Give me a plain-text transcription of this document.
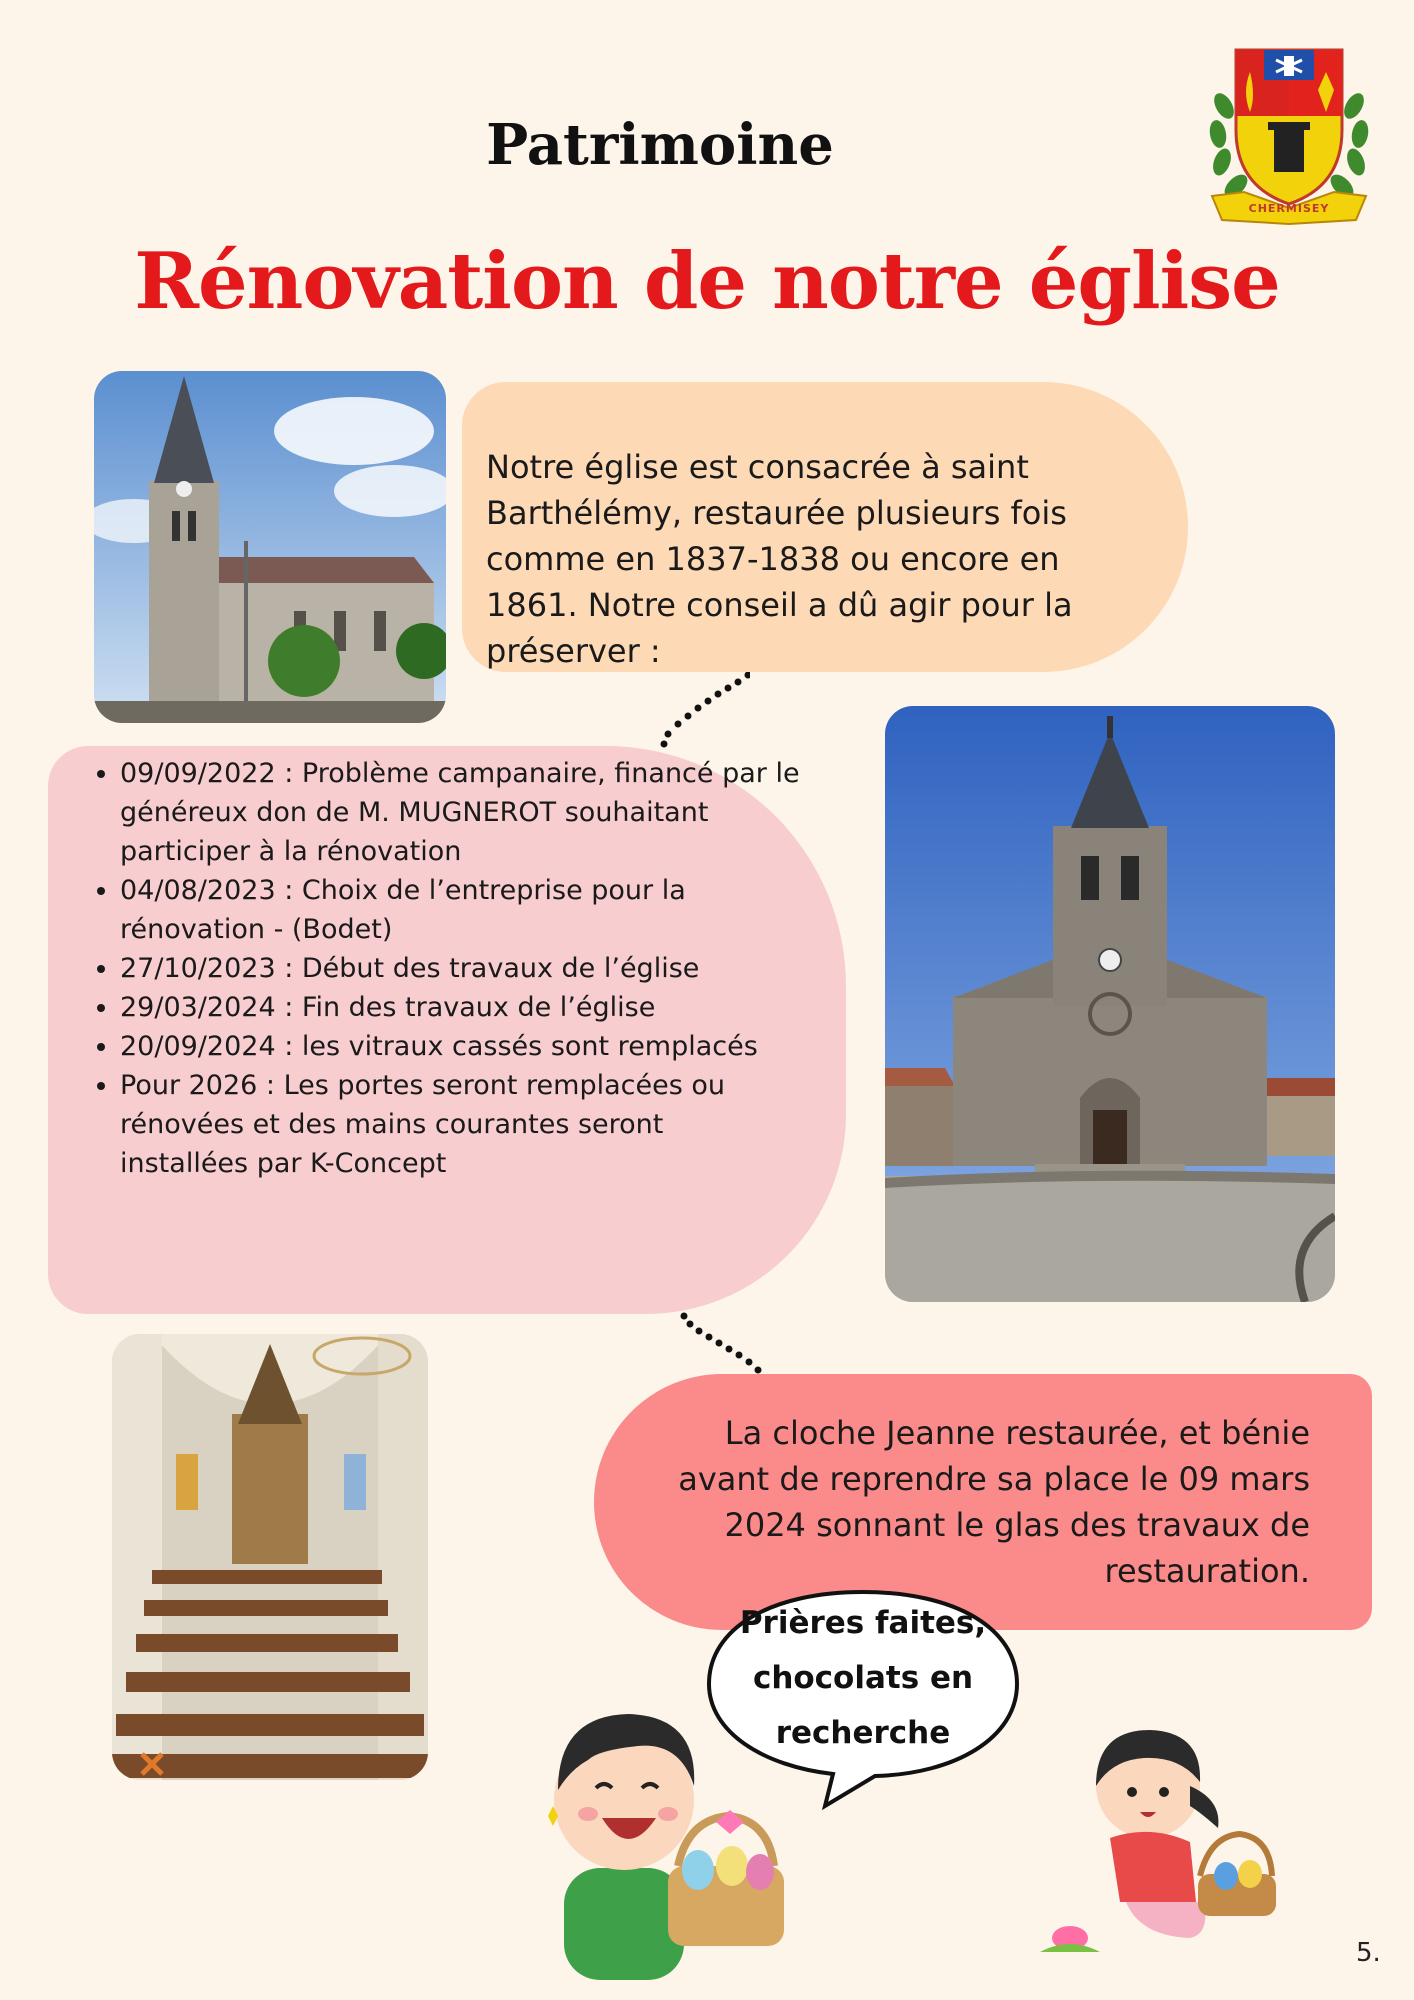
CHERMISEY
Patrimoine
Rénovation de notre église

Notre église est consacrée à saint Barthélémy, restaurée plusieurs fois comme en 1837-1838 ou encore en 1861. Notre conseil a dû agir pour la préserver :

• 09/09/2022 : Problème campanaire, financé par le généreux don de M. MUGNEROT souhaitant participer à la rénovation
• 04/08/2023 : Choix de l’entreprise pour la rénovation - (Bodet)
• 27/10/2023 : Début des travaux de l’église
• 29/03/2024 : Fin des travaux de l’église
• 20/09/2024 : les vitraux cassés sont remplacés
• Pour 2026 : Les portes seront remplacées ou rénovées et des mains courantes seront installées par K-Concept

La cloche Jeanne restaurée, et bénie avant de reprendre sa place le 09 mars 2024 sonnant le glas des travaux de restauration.

Prières faites,
chocolats en
recherche
5.
